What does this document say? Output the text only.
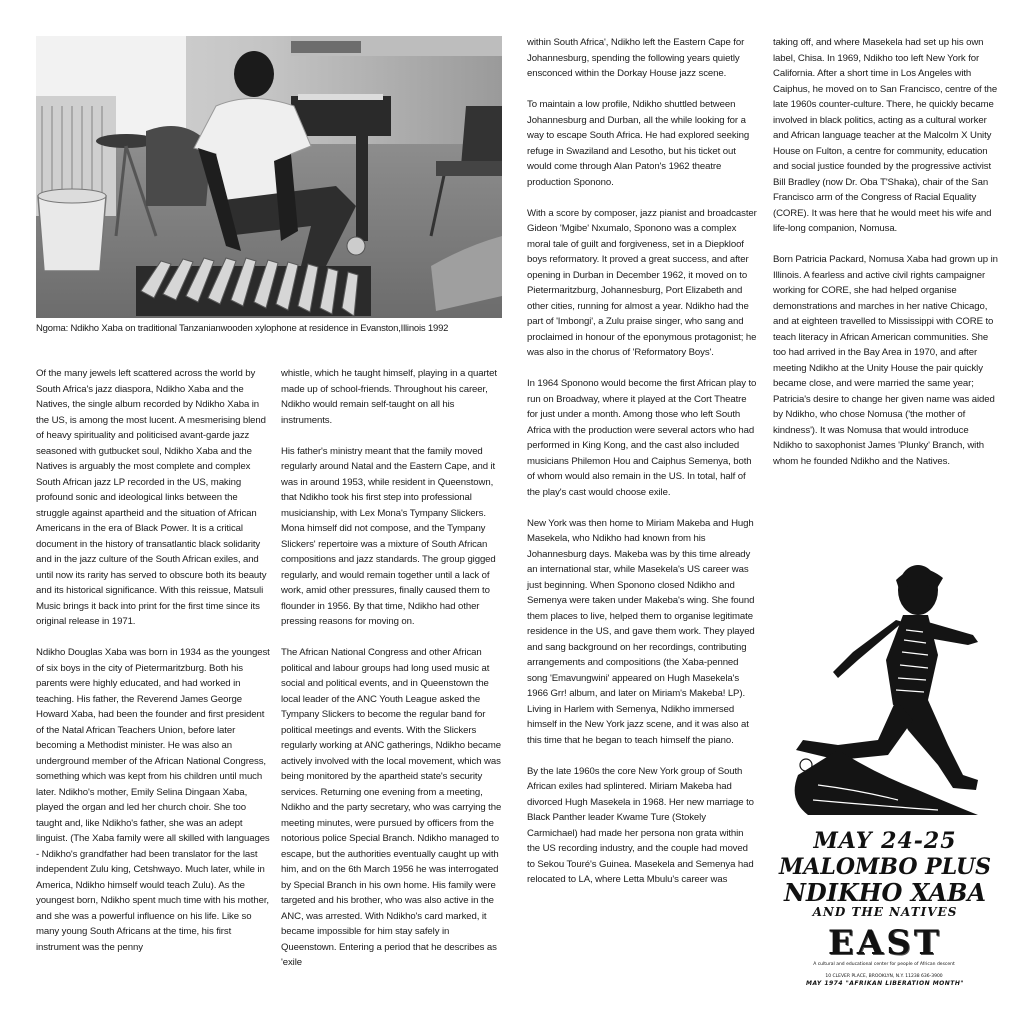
Ngoma: Ndikho Xaba on traditional Tanzanianwooden xylophone at residence in Evanston,Illinois 1992

Of the many jewels left scattered across the world by South Africa's jazz diaspora, Ndikho Xaba and the Natives, the single album recorded by Ndikho Xaba in the US, is among the most lucent. A mesmerising blend of heavy spirituality and politicised avant-garde jazz seasoned with gutbucket soul, Ndikho Xaba and the Natives is arguably the most complete and complex South African jazz LP recorded in the US, making profound sonic and ideological links between the struggle against apartheid and the situation of African Americans in the era of Black Power. It is a critical document in the history of transatlantic black solidarity and in the jazz culture of the South African exiles, and until now its rarity has served to obscure both its beauty and its historical significance. With this reissue, Matsuli Music brings it back into print for the first time since its original release in 1971.

Ndikho Douglas Xaba was born in 1934 as the youngest of six boys in the city of Pietermaritzburg. Both his parents were highly educated, and had worked in teaching. His father, the Reverend James George Howard Xaba, had been the founder and first president of the Natal African Teachers Union, before later becoming a Methodist minister. He was also an underground member of the African National Congress, something which was kept from his children until much later. Ndikho's mother, Emily Selina Dingaan Xaba, played the organ and led her church choir. She too taught and, like Ndikho's father, she was an adept linguist. (The Xaba family were all skilled with languages - Ndikho's grandfather had been translator for the last independent Zulu king, Cetshwayo. Much later, while in America, Ndikho himself would teach Zulu). As the youngest born, Ndikho spent much time with his mother, and she was a powerful influence on his life. Like so many young South Africans at the time, his first instrument was the penny

whistle, which he taught himself, playing in a quartet made up of school-friends. Throughout his career, Ndikho would remain self-taught on all his instruments.

His father's ministry meant that the family moved regularly around Natal and the Eastern Cape, and it was in around 1953, while resident in Queenstown, that Ndikho took his first step into professional musicianship, with Lex Mona's Tympany Slickers. Mona himself did not compose, and the Tympany Slickers' repertoire was a mixture of South African compositions and jazz standards. The group gigged regularly, and would remain together until a lack of work, amid other pressures, finally caused them to flounder in 1956. By that time, Ndikho had other pressing reasons for moving on.

The African National Congress and other African political and labour groups had long used music at social and political events, and in Queenstown the local leader of the ANC Youth League asked the Tympany Slickers to become the regular band for political meetings and events. With the Slickers regularly working at ANC gatherings, Ndikho became actively involved with the local movement, which was being monitored by the apartheid state's security services. Returning one evening from a meeting, Ndikho and the party secretary, who was carrying the meeting minutes, were pursued by officers from the notorious police Special Branch. Ndikho managed to escape, but the authorities eventually caught up with him, and on the 6th March 1956 he was interrogated by Special Branch in his own home. His family were targeted and his brother, who was also active in the ANC, was arrested. With Ndikho's card marked, it became impossible for him stay safely in Queenstown. Entering a period that he describes as 'exile

within South Africa', Ndikho left the Eastern Cape for Johannesburg, spending the following years quietly ensconced within the Dorkay House jazz scene.

To maintain a low profile, Ndikho shuttled between Johannesburg and Durban, all the while looking for a way to escape South Africa. He had explored seeking refuge in Swaziland and Lesotho, but his ticket out would come through Alan Paton's 1962 theatre production Sponono.

With a score by composer, jazz pianist and broadcaster Gideon 'Mgibe' Nxumalo, Sponono was a complex moral tale of guilt and forgiveness, set in a Diepkloof boys reformatory. It proved a great success, and after opening in Durban in December 1962, it moved on to Pietermaritzburg, Johannesburg, Port Elizabeth and other cities, running for almost a year. Ndikho had the part of 'Imbongi', a Zulu praise singer, who sang and proclaimed in honour of the eponymous protagonist; he was also in the chorus of 'Reformatory Boys'.

In 1964 Sponono would become the first African play to run on Broadway, where it played at the Cort Theatre for just under a month. Among those who left South Africa with the production were several actors who had performed in King Kong, and the cast also included musicians Philemon Hou and Caiphus Semenya, both of whom would also remain in the US. In total, half of the play's cast would choose exile.

New York was then home to Miriam Makeba and Hugh Masekela, who Ndikho had known from his Johannesburg days. Makeba was by this time already an international star, while Masekela's US career was just beginning. When Sponono closed Ndikho and Semenya were taken under Makeba's wing. She found them places to live, helped them to organise legitimate residence in the US, and gave them work. They played and sang background on her recordings, contributing arrangements and compositions (the Xaba-penned song 'Emavungwini' appeared on Hugh Masekela's 1966 Grr! album, and later on Miriam's Makeba! LP). Living in Harlem with Semenya, Ndikho immersed himself in the New York jazz scene, and it was also at this time that he began to teach himself the piano.

By the late 1960s the core New York group of South African exiles had splintered. Miriam Makeba had divorced Hugh Masekela in 1968. Her new marriage to Black Panther leader Kwame Ture (Stokely Carmichael) had made her persona non grata within the US recording industry, and the couple had moved to Sekou Touré's Guinea. Masekela and Semenya had relocated to LA, where Letta Mbulu's career was

taking off, and where Masekela had set up his own label, Chisa. In 1969, Ndikho too left New York for California. After a short time in Los Angeles with Caiphus, he moved on to San Francisco, centre of the late 1960s counter-culture. There, he quickly became involved in black politics, acting as a cultural worker and African language teacher at the Malcolm X Unity House on Fulton, a centre for community, education and social justice founded by the progressive activist Bill Bradley (now Dr. Oba T'Shaka), chair of the San Francisco arm of the Congress of Racial Equality (CORE). It was here that he would meet his wife and life-long companion, Nomusa.

Born Patricia Packard, Nomusa Xaba had grown up in Illinois. A fearless and active civil rights campaigner working for CORE, she had helped organise demonstrations and marches in her native Chicago, and at eighteen travelled to Mississippi with CORE to teach literacy in African American communities. She too had arrived in the Bay Area in 1970, and after meeting Ndikho at the Unity House the pair quickly became close, and were married the same year; Patricia's desire to change her given name was aided by Ndikho, who chose Nomusa ('the mother of kindness'). It was Nomusa that would introduce Ndikho to saxophonist James 'Plunky' Branch, with whom he founded Ndikho and the Natives.

MAY 24-25
MALOMBO PLUS
NDIKHO XABA
AND THE NATIVES
EAST
A cultural and educational center for people of African descent
10 CLEVER PLACE, BROOKLYN, N.Y. 11238 636-3900
MAY 1974 "AFRIKAN LIBERATION MONTH"
